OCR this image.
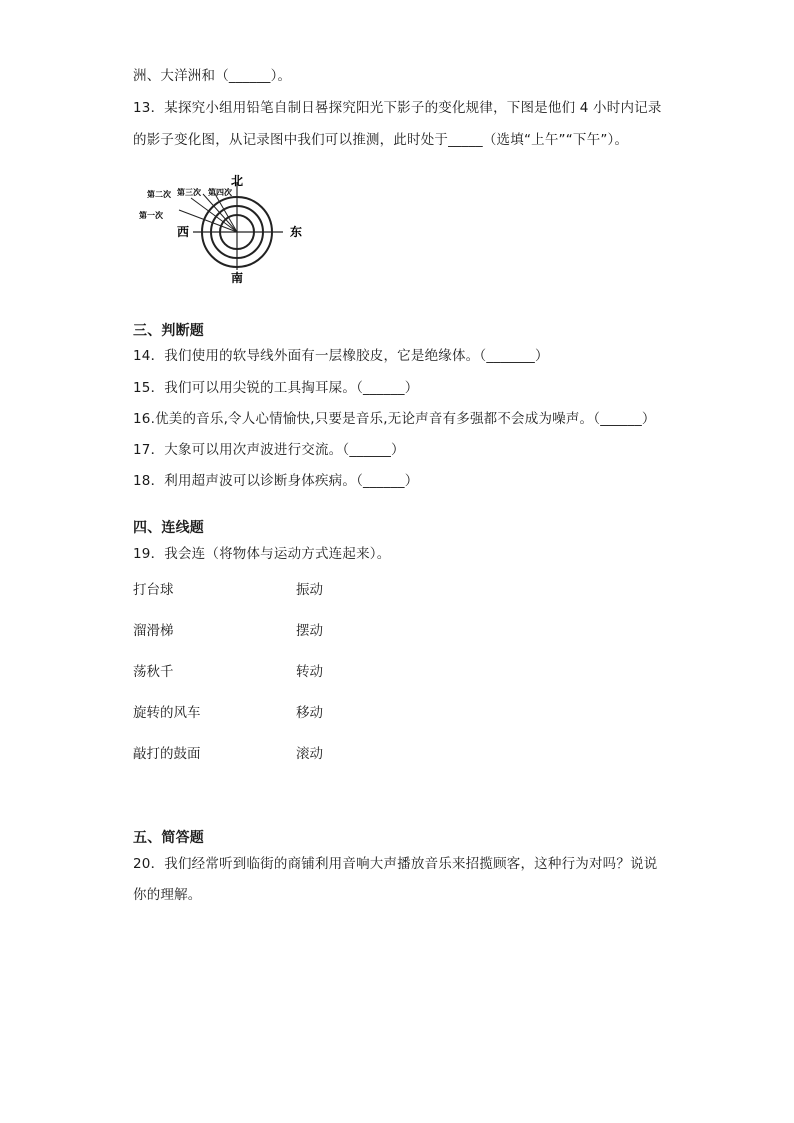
洲、大洋洲和（______）。
13．某探究小组用铅笔自制日晷探究阳光下影子的变化规律，下图是他们 4 小时内记录
的影子变化图，从记录图中我们可以推测，此时处于_____（选填“上午”“下午”）。
北
南
东
西
第一次
第二次 第三次 第四次
三、判断题
14．我们使用的软导线外面有一层橡胶皮，它是绝缘体。（_______）
15．我们可以用尖锐的工具掏耳屎。（______）
16.优美的音乐,令人心情愉快,只要是音乐,无论声音有多强都不会成为噪声。（______）
17．大象可以用次声波进行交流。（______）
18．利用超声波可以诊断身体疾病。（______）
四、连线题
19．我会连（将物体与运动方式连起来）。
打台球	振动
溜滑梯	摆动
荡秋千	转动
旋转的风车	移动
敲打的鼓面	滚动
五、简答题
20．我们经常听到临街的商铺利用音响大声播放音乐来招揽顾客，这种行为对吗？说说
你的理解。
